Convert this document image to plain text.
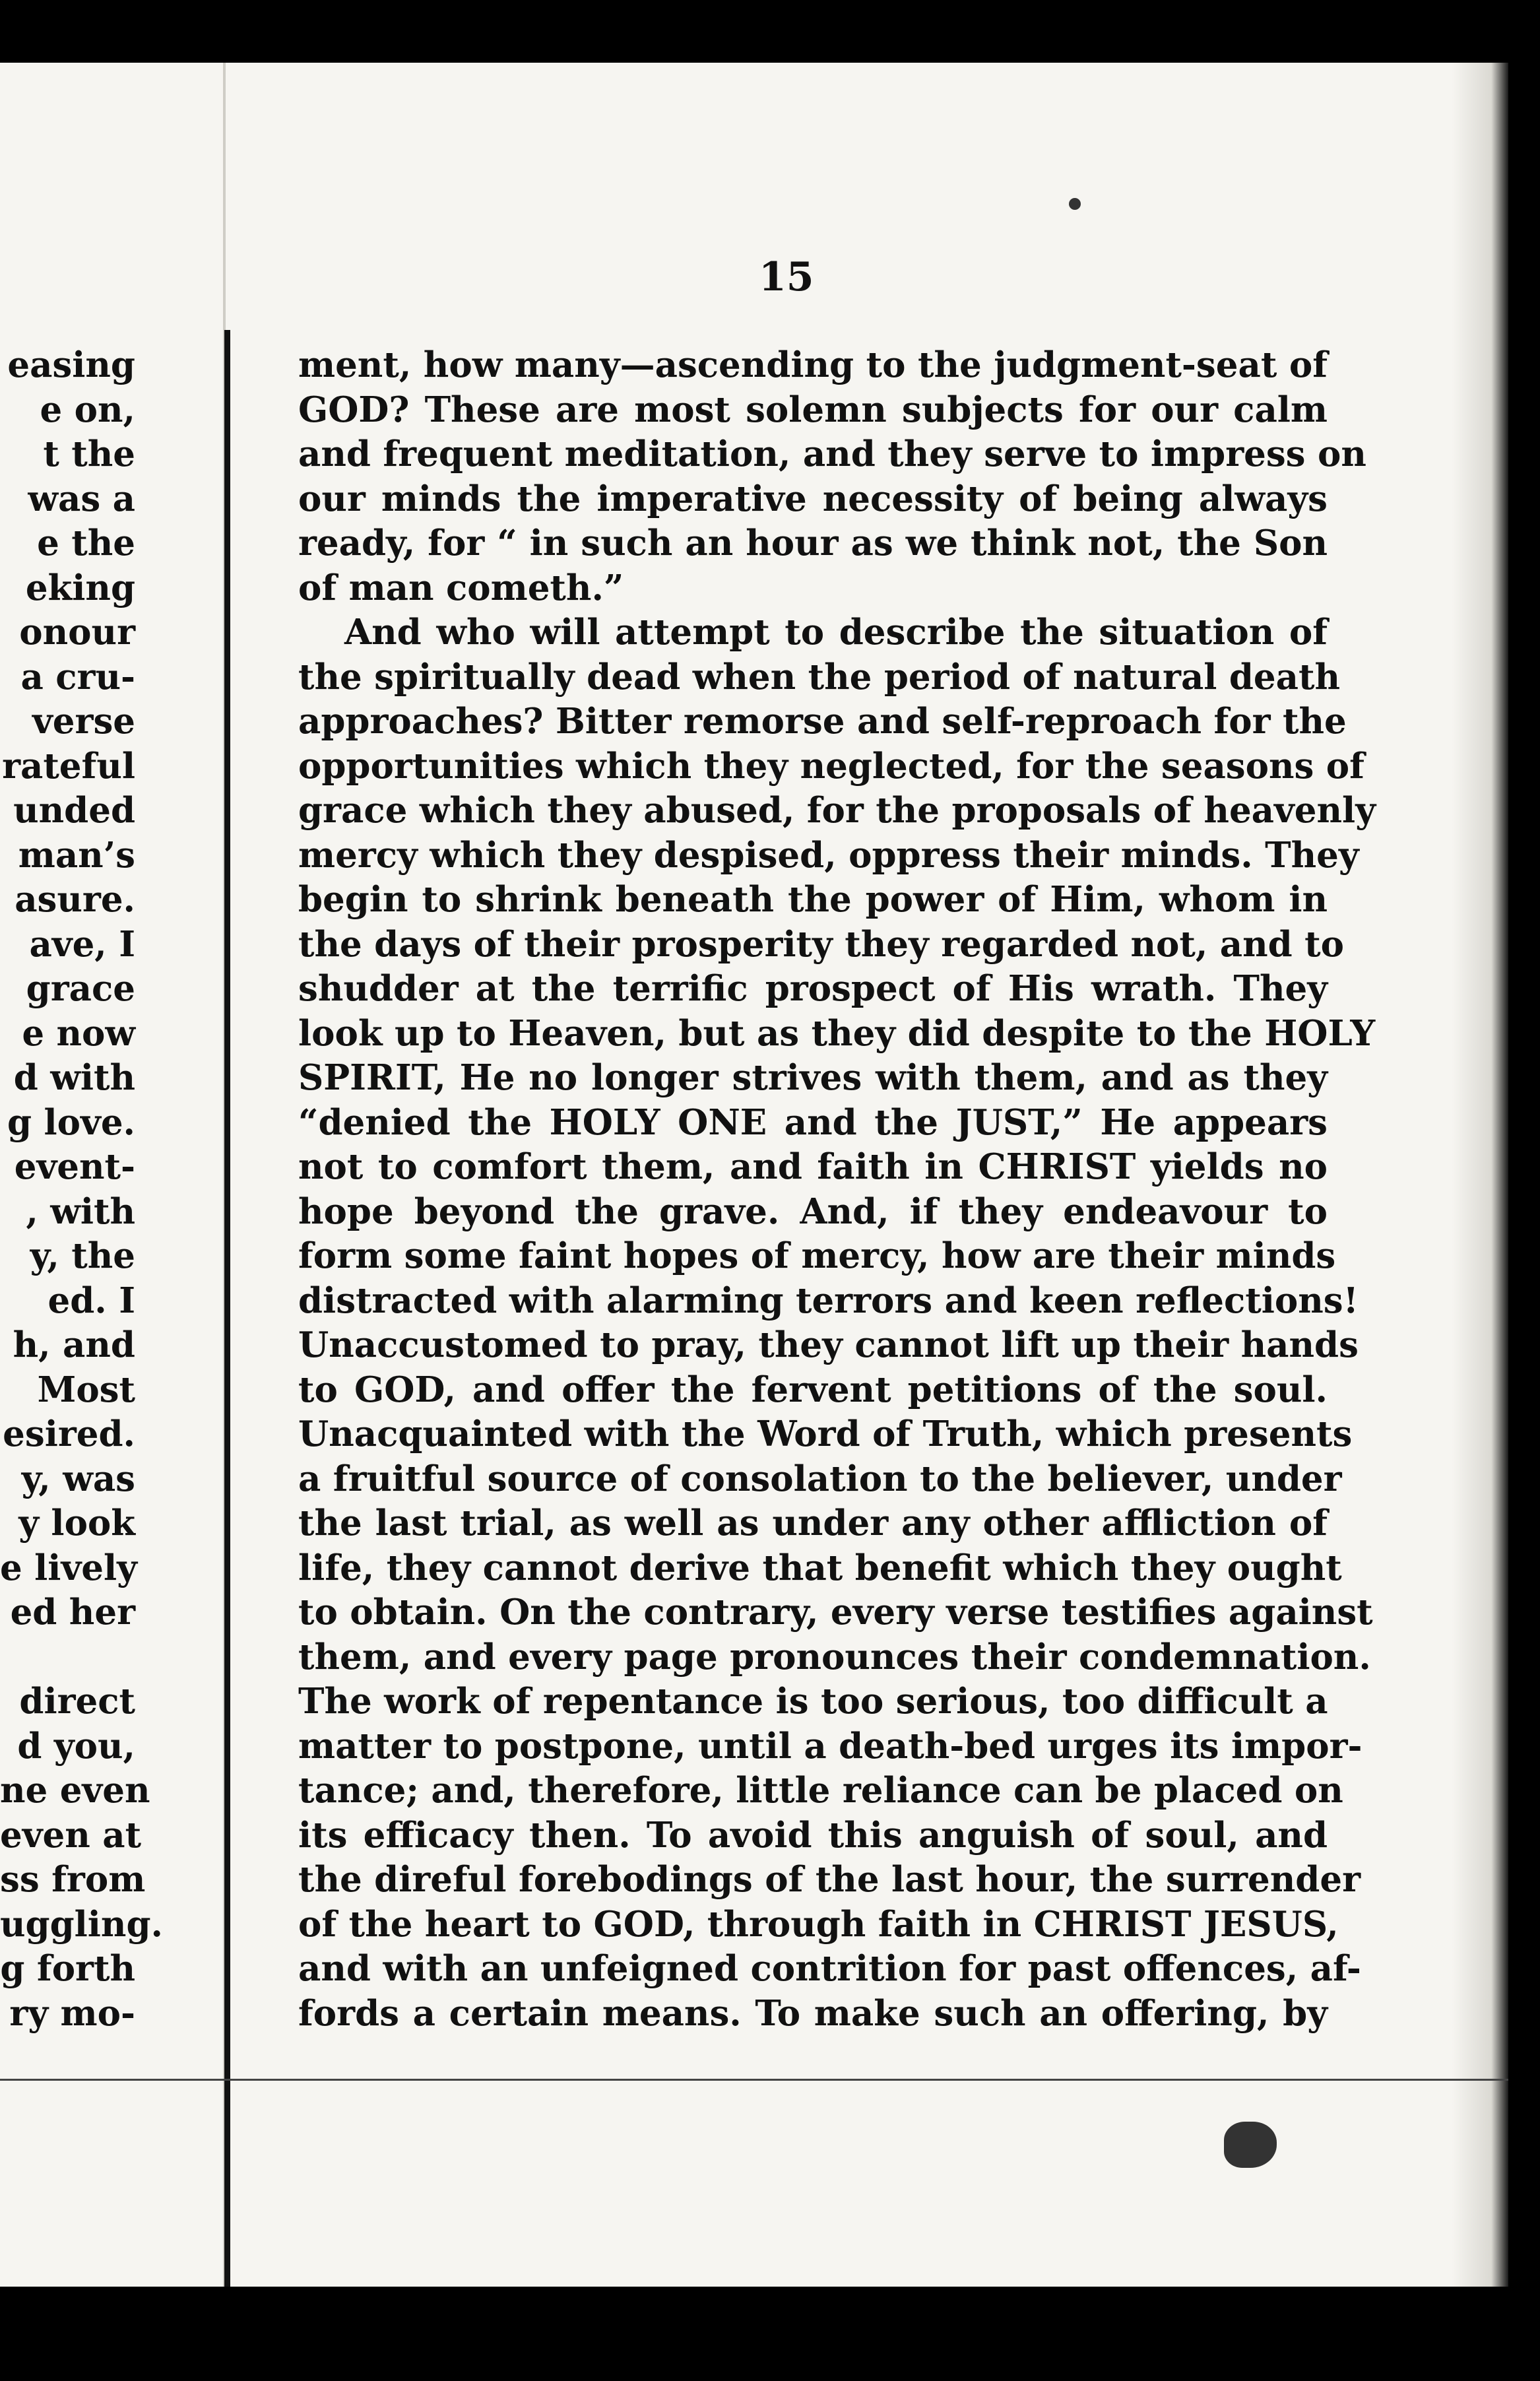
15
easing
e on,
t the
was a
e the
eking
onour
a cru-
verse
rateful
unded
man’s
asure.
ave, I
grace
e now
d with
g love.
event-
, with
y, the
ed. I
h, and
Most
esired.
y, was
y look
e lively
ed her
direct
d you,
ne even
even at
ss from
uggling.
g forth
ry mo-
ment, how many—ascending to the judgment-seat of
GOD? These are most solemn subjects for our calm
and frequent meditation, and they serve to impress on
our minds the imperative necessity of being always
ready, for “ in such an hour as we think not, the Son
of man cometh.”
And who will attempt to describe the situation of
the spiritually dead when the period of natural death
approaches? Bitter remorse and self-reproach for the
opportunities which they neglected, for the seasons of
grace which they abused, for the proposals of heavenly
mercy which they despised, oppress their minds. They
begin to shrink beneath the power of Him, whom in
the days of their prosperity they regarded not, and to
shudder at the terrific prospect of His wrath. They
look up to Heaven, but as they did despite to the HOLY
SPIRIT, He no longer strives with them, and as they
“denied the HOLY ONE and the JUST,” He appears
not to comfort them, and faith in CHRIST yields no
hope beyond the grave. And, if they endeavour to
form some faint hopes of mercy, how are their minds
distracted with alarming terrors and keen reflections!
Unaccustomed to pray, they cannot lift up their hands
to GOD, and offer the fervent petitions of the soul.
Unacquainted with the Word of Truth, which presents
a fruitful source of consolation to the believer, under
the last trial, as well as under any other affliction of
life, they cannot derive that benefit which they ought
to obtain. On the contrary, every verse testifies against
them, and every page pronounces their condemnation.
The work of repentance is too serious, too difficult a
matter to postpone, until a death-bed urges its impor-
tance; and, therefore, little reliance can be placed on
its efficacy then. To avoid this anguish of soul, and
the direful forebodings of the last hour, the surrender
of the heart to GOD, through faith in CHRIST JESUS,
and with an unfeigned contrition for past offences, af-
fords a certain means. To make such an offering, by
